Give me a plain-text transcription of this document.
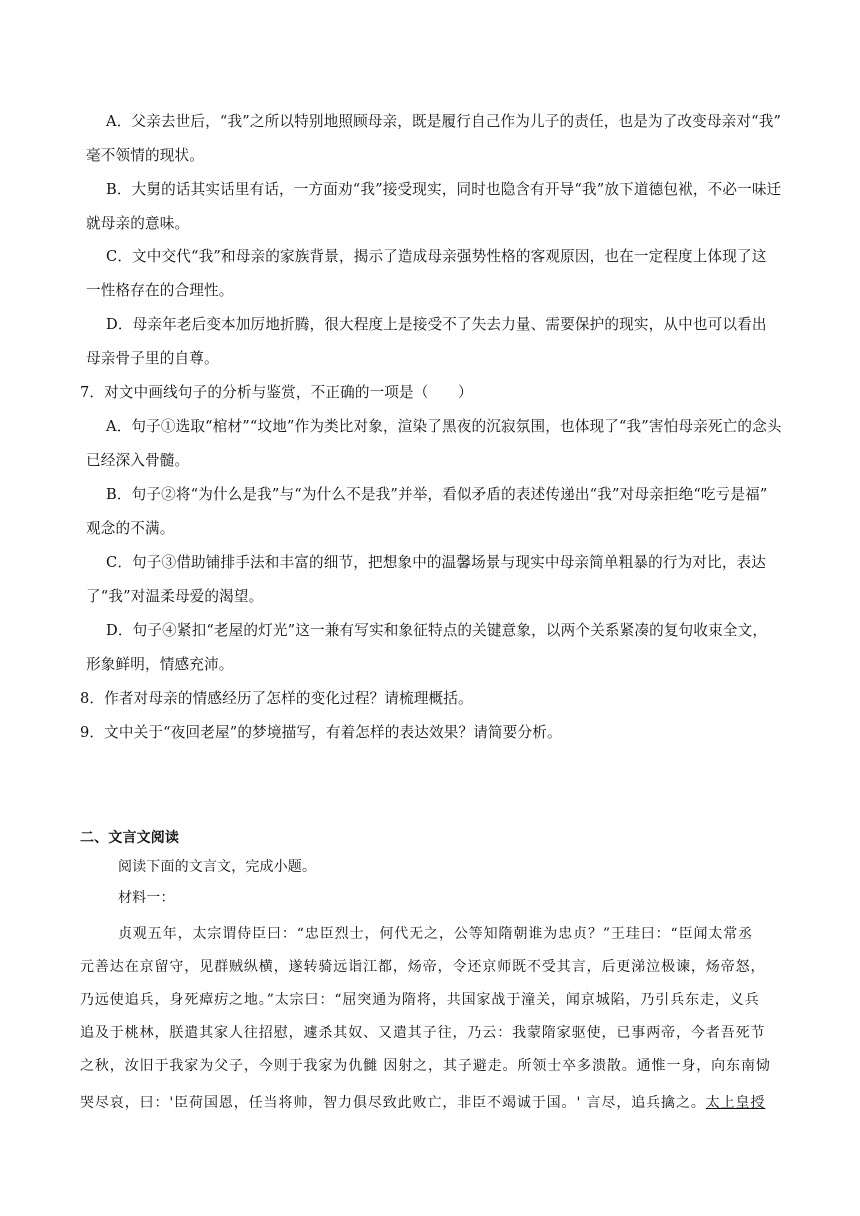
A．父亲去世后，“我”之所以特别地照顾母亲，既是履行自己作为儿子的责任，也是为了改变母亲对“我”
毫不领情的现状。
B．大舅的话其实话里有话，一方面劝“我”接受现实，同时也隐含有开导“我”放下道德包袱，不必一味迁
就母亲的意味。
C．文中交代“我”和母亲的家族背景，揭示了造成母亲强势性格的客观原因，也在一定程度上体现了这
一性格存在的合理性。
D．母亲年老后变本加厉地折腾，很大程度上是接受不了失去力量、需要保护的现实，从中也可以看出
母亲骨子里的自尊。
7．对文中画线句子的分析与鉴赏，不正确的一项是（　　）
A．句子①选取“棺材”“坟地”作为类比对象，渲染了黑夜的沉寂氛围，也体现了“我”害怕母亲死亡的念头
已经深入骨髓。
B．句子②将“为什么是我”与“为什么不是我”并举，看似矛盾的表述传递出“我”对母亲拒绝“吃亏是福”
观念的不满。
C．句子③借助铺排手法和丰富的细节，把想象中的温馨场景与现实中母亲简单粗暴的行为对比，表达
了“我”对温柔母爱的渴望。
D．句子④紧扣“老屋的灯光”这一兼有写实和象征特点的关键意象，以两个关系紧凑的复句收束全文，
形象鲜明，情感充沛。
8．作者对母亲的情感经历了怎样的变化过程？请梳理概括。
9．文中关于“夜回老屋”的梦境描写，有着怎样的表达效果？请简要分析。
二、文言文阅读
阅读下面的文言文，完成小题。
材料一：
贞观五年，太宗谓侍臣曰：“忠臣烈士，何代无之，公等知隋朝谁为忠贞？”王珪曰：“臣闻太常丞
元善达在京留守，见群贼纵横，遂转骑远诣江都，炀帝，令还京师既不受其言，后更涕泣极谏，炀帝怒，
乃远使追兵，身死瘴疠之地。”太宗曰：“屈突通为隋将，共国家战于潼关，闻京城陷，乃引兵东走，义兵
追及于桃林，朕遣其家人往招慰，遽杀其奴、又遣其子往，乃云：我蒙隋家驱使，已事两帝，今者吾死节
之秋，汝旧于我家为父子，今则于我家为仇雠 因射之，其子避走。所领士卒多溃散。通惟一身，向东南恸
哭尽哀，曰：'臣荷国恩，任当将帅，智力俱尽致此败亡，非臣不竭诚于国。' 言尽，追兵擒之。太上皇授
